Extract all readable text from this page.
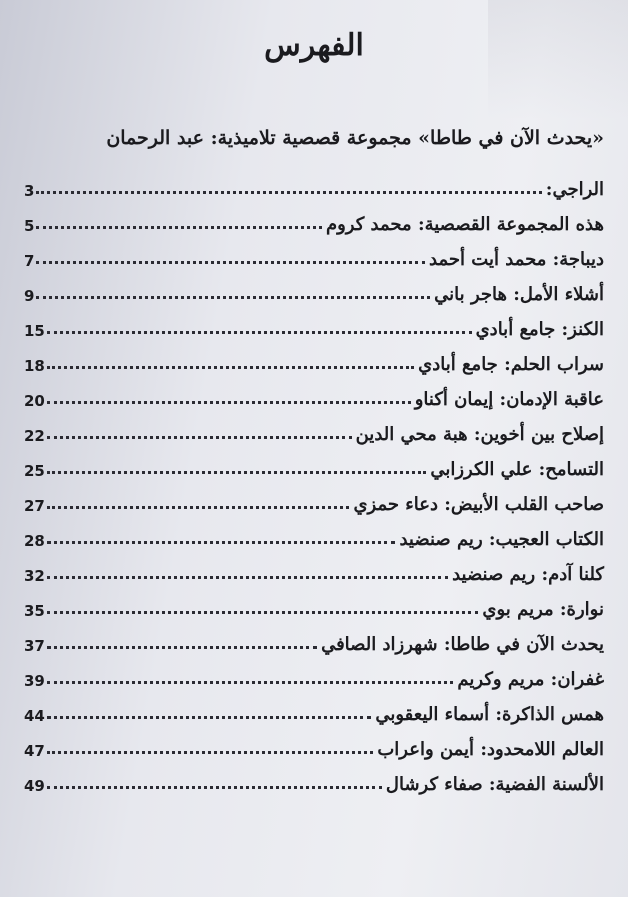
الفهرس
«يحدث الآن في طاطا» مجموعة قصصية تلاميذية: عبد الرحمان
الراجي:
3
هذه المجموعة القصصية: محمد كروم
5
ديباجة: محمد أيت أحمد
7
أشلاء الأمل: هاجر باني
9
الكنز: جامع أبادي
15
سراب الحلم: جامع أبادي
18
عاقبة الإدمان: إيمان أكناو
20
إصلاح بين أخوين: هبة محي الدين
22
التسامح: علي الكرزابي
25
صاحب القلب الأبيض: دعاء حمزي
27
الكتاب العجيب: ريم صنضيد
28
كلنا آدم: ريم صنضيد
32
نوارة: مريم بوي
35
يحدث الآن في طاطا: شهرزاد الصافي
37
غفران: مريم وكريم
39
همس الذاكرة: أسماء اليعقوبي
44
العالم اللامحدود: أيمن واعراب
47
الألسنة الفضية: صفاء كرشال
49
